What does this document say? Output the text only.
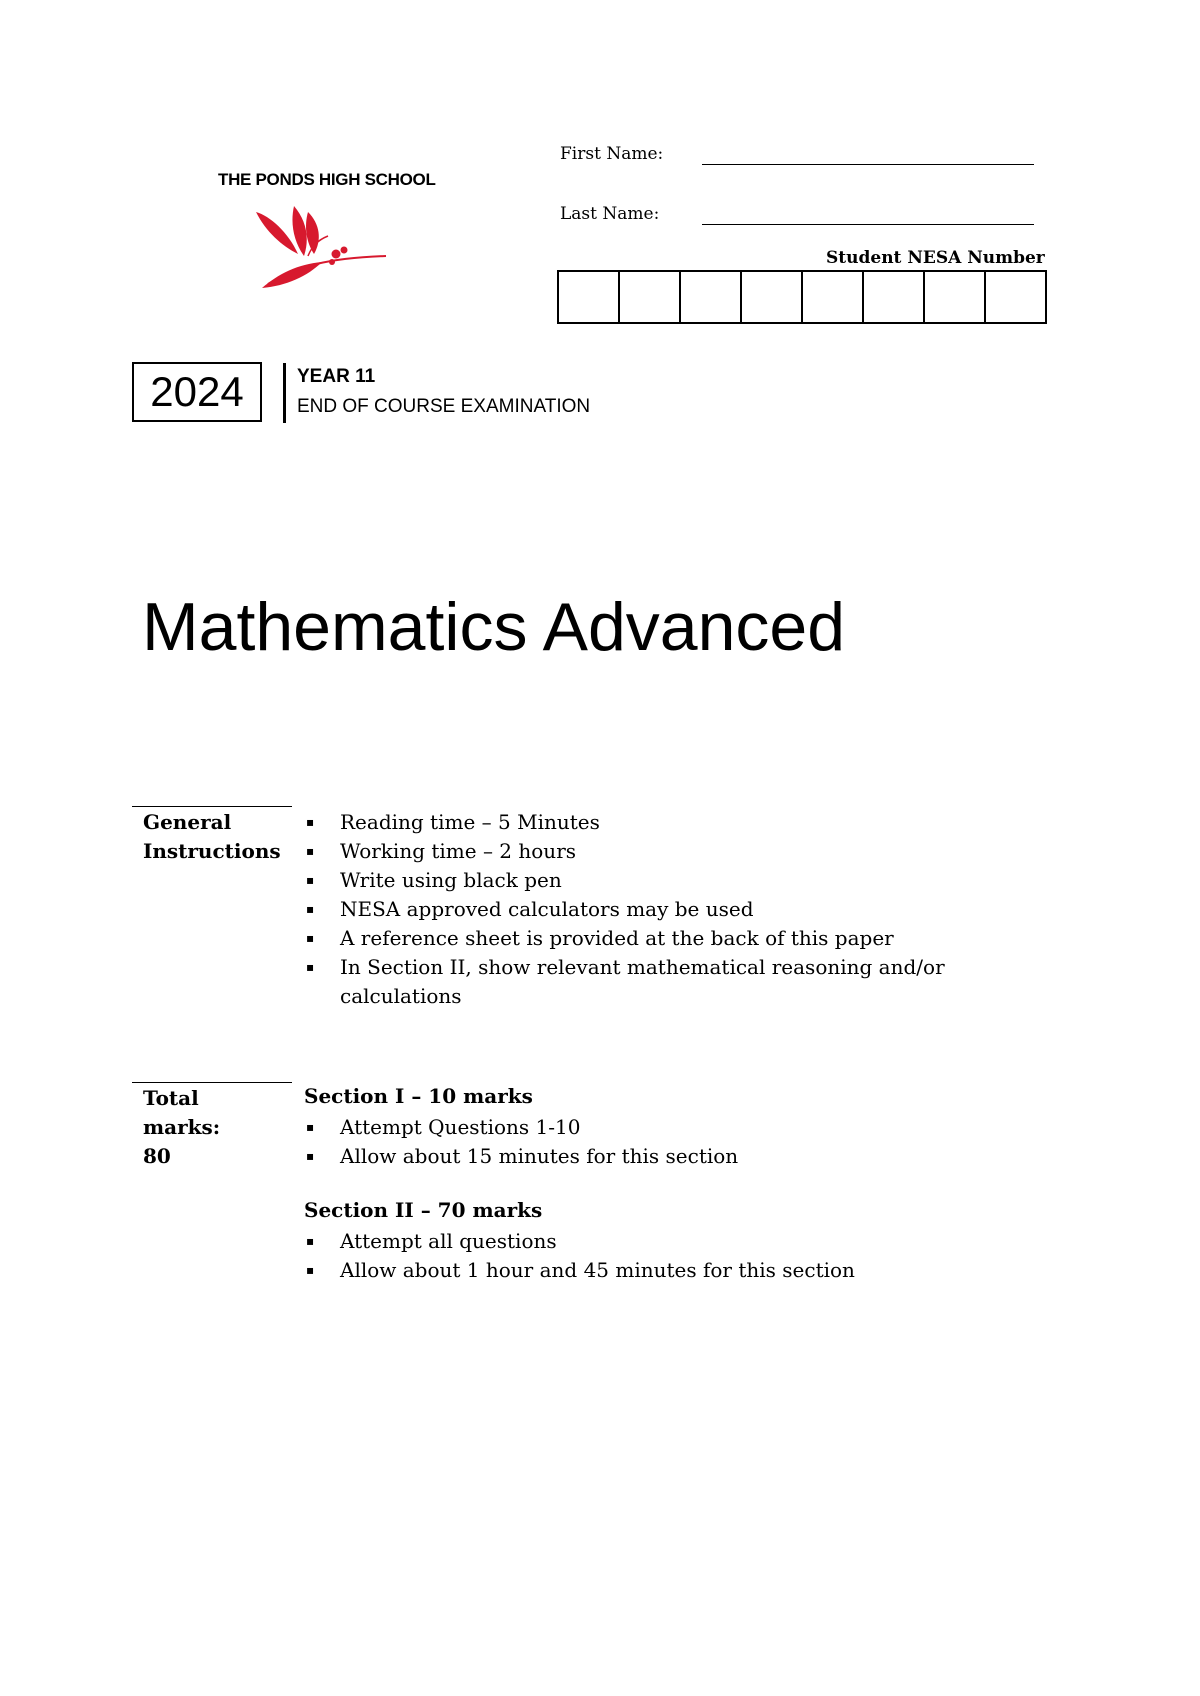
THE PONDS HIGH SCHOOL
First Name:
Last Name:
Student NESA Number
2024	YEAR 11
END OF COURSE EXAMINATION
Mathematics Advanced
General
Instructions
▪ Reading time – 5 Minutes
▪ Working time – 2 hours
▪ Write using black pen
▪ NESA approved calculators may be used
▪ A reference sheet is provided at the back of this paper
▪ In Section II, show relevant mathematical reasoning and/or calculations
Total
marks:
80
Section I – 10 marks
▪ Attempt Questions 1-10
▪ Allow about 15 minutes for this section
Section II – 70 marks
▪ Attempt all questions
▪ Allow about 1 hour and 45 minutes for this section
